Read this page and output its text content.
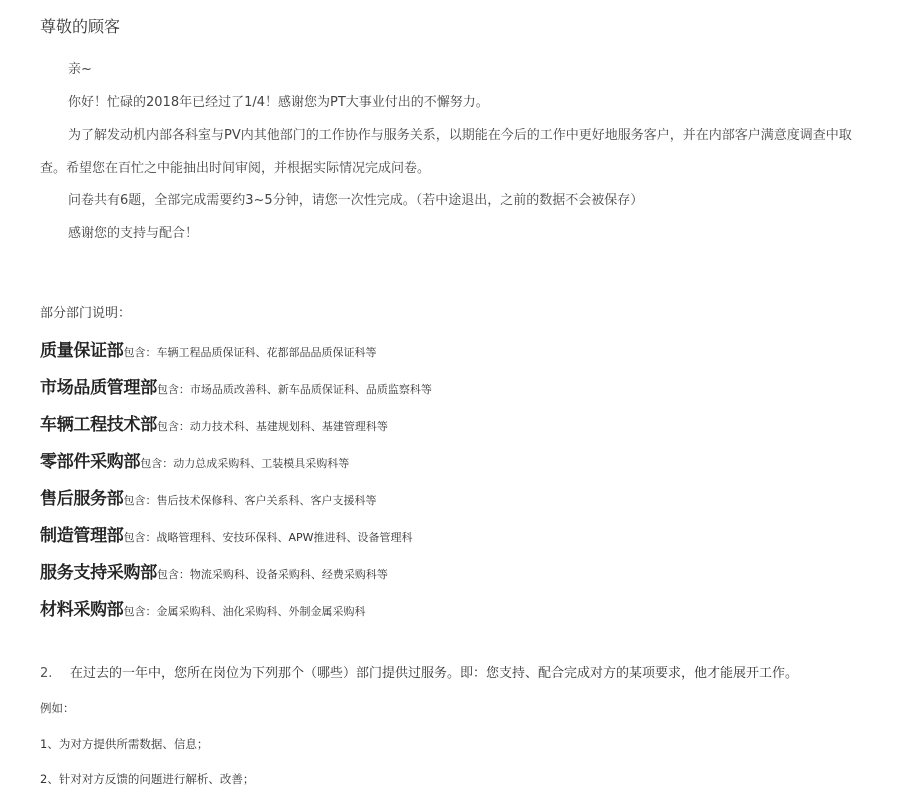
尊敬的顾客
亲~
你好！忙碌的2018年已经过了1/4！感谢您为PT大事业付出的不懈努力。
为了解发动机内部各科室与PV内其他部门的工作协作与服务关系，以期能在今后的工作中更好地服务客户，并在内部客户满意度调查中取
查。希望您在百忙之中能抽出时间审阅，并根据实际情况完成问卷。
问卷共有6题，全部完成需要约3~5分钟，请您一次性完成。（若中途退出，之前的数据不会被保存）
感谢您的支持与配合！
部分部门说明：
质量保证部包含：车辆工程品质保证科、花都部品品质保证科等
市场品质管理部包含：市场品质改善科、新车品质保证科、品质监察科等
车辆工程技术部包含：动力技术科、基建规划科、基建管理科等
零部件采购部包含：动力总成采购科、工装模具采购科等
售后服务部包含：售后技术保修科、客户关系科、客户支援科等
制造管理部包含：战略管理科、安技环保科、APW推进科、设备管理科
服务支持采购部包含：物流采购科、设备采购科、经费采购科等
材料采购部包含：金属采购科、油化采购科、外制金属采购科
2. 在过去的一年中，您所在岗位为下列那个（哪些）部门提供过服务。即：您支持、配合完成对方的某项要求，他才能展开工作。
例如：
1、为对方提供所需数据、信息；
2、针对对方反馈的问题进行解析、改善；
